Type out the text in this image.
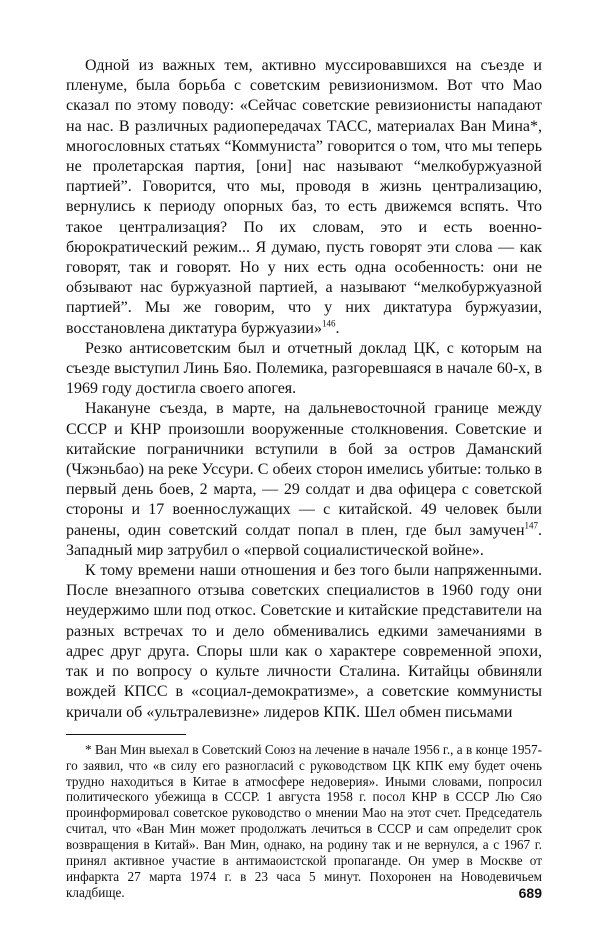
Одной из важных тем, активно муссировавшихся на съезде и пленуме, была борьба с советским ревизионизмом. Вот что Мао сказал по этому поводу: «Сейчас советские ревизионисты нападают на нас. В различных радиопередачах ТАСС, материалах Ван Мина*, многословных статьях “Коммуниста” говорится о том, что мы теперь не пролетарская партия, [они] нас называют “мелкобуржуазной партией”. Говорится, что мы, проводя в жизнь централизацию, вернулись к периоду опорных баз, то есть движемся вспять. Что такое централизация? По их словам, это и есть военно-бюрократический режим... Я думаю, пусть говорят эти слова — как говорят, так и говорят. Но у них есть одна особенность: они не обзывают нас буржуазной партией, а называют “мелкобуржуазной партией”. Мы же говорим, что у них диктатура буржуазии, восстановлена диктатура буржуазии»$^{146}$.

Резко антисоветским был и отчетный доклад ЦК, с которым на съезде выступил Линь Бяо. Полемика, разгоревшаяся в начале 60-х, в 1969 году достигла своего апогея.

Накануне съезда, в марте, на дальневосточной границе между СССР и КНР произошли вооруженные столкновения. Советские и китайские пограничники вступили в бой за остров Даманский (Чжэньбао) на реке Уссури. С обеих сторон имелись убитые: только в первый день боев, 2 марта, — 29 солдат и два офицера с советской стороны и 17 военнослужащих — с китайской. 49 человек были ранены, один советский солдат попал в плен, где был замучен$^{147}$. Западный мир затрубил о «первой социалистической войне».

К тому времени наши отношения и без того были напряженными. После внезапного отзыва советских специалистов в 1960 году они неудержимо шли под откос. Советские и китайские представители на разных встречах то и дело обменивались едкими замечаниями в адрес друг друга. Споры шли как о характере современной эпохи, так и по вопросу о культе личности Сталина. Китайцы обвиняли вождей КПСС в «социал-демократизме», а советские коммунисты кричали об «ультралевизне» лидеров КПК. Шел обмен письмами

* Ван Мин выехал в Советский Союз на лечение в начале 1956 г., а в конце 1957-го заявил, что «в силу его разногласий с руководством ЦК КПК ему будет очень трудно находиться в Китае в атмосфере недоверия». Иными словами, попросил политического убежища в СССР. 1 августа 1958 г. посол КНР в СССР Лю Сяо проинформировал советское руководство о мнении Мао на этот счет. Председатель считал, что «Ван Мин может продолжать лечиться в СССР и сам определит срок возвращения в Китай». Ван Мин, однако, на родину так и не вернулся, а с 1967 г. принял активное участие в антимаоистской пропаганде. Он умер в Москве от инфаркта 27 марта 1974 г. в 23 часа 5 минут. Похоронен на Новодевичьем кладбище.	689
